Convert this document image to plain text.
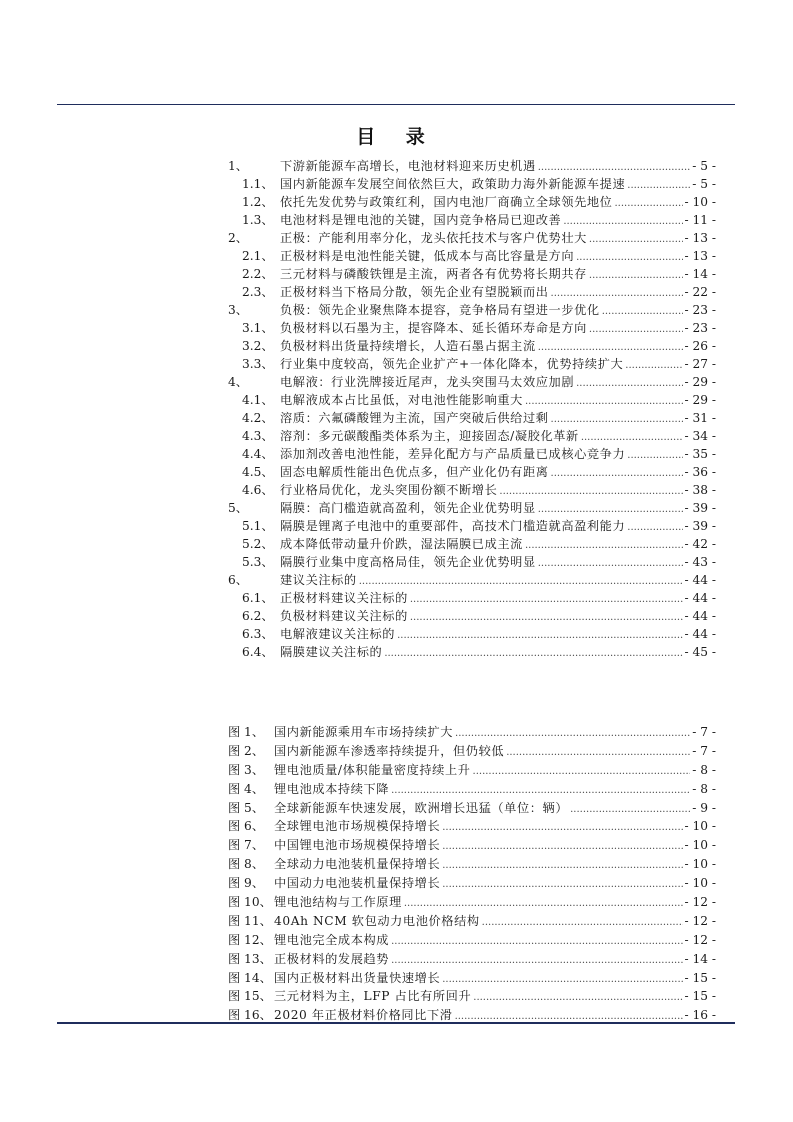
目 录
1、	下游新能源车高增长，电池材料迎来历史机遇 .....	- 5 -
1.1、 国内新能源车发展空间依然巨大，政策助力海外新能源车提速 .....	- 5 -
1.2、 依托先发优势与政策红利，国内电池厂商确立全球领先地位 .....	- 10 -
1.3、 电池材料是锂电池的关键，国内竞争格局已迎改善 .....	- 11 -
2、	正极：产能利用率分化，龙头依托技术与客户优势壮大 .....	- 13 -
2.1、 正极材料是电池性能关键，低成本与高比容量是方向 .....	- 13 -
2.2、 三元材料与磷酸铁锂是主流，两者各有优势将长期共存 .....	- 14 -
2.3、 正极材料当下格局分散，领先企业有望脱颖而出 .....	- 22 -
3、	负极：领先企业聚焦降本提容，竞争格局有望进一步优化 .....	- 23 -
3.1、 负极材料以石墨为主，提容降本、延长循环寿命是方向 .....	- 23 -
3.2、 负极材料出货量持续增长，人造石墨占据主流 .....	- 26 -
3.3、 行业集中度较高，领先企业扩产+一体化降本，优势持续扩大 .....	- 27 -
4、	电解液：行业洗牌接近尾声，龙头突围马太效应加剧 .....	- 29 -
4.1、 电解液成本占比虽低，对电池性能影响重大 .....	- 29 -
4.2、 溶质：六氟磷酸锂为主流，国产突破后供给过剩 .....	- 31 -
4.3、 溶剂：多元碳酸酯类体系为主，迎接固态/凝胶化革新 .....	- 34 -
4.4、 添加剂改善电池性能，差异化配方与产品质量已成核心竞争力 .....	- 35 -
4.5、 固态电解质性能出色优点多，但产业化仍有距离 .....	- 36 -
4.6、 行业格局优化，龙头突围份额不断增长 .....	- 38 -
5、	隔膜：高门槛造就高盈利，领先企业优势明显 .....	- 39 -
5.1、 隔膜是锂离子电池中的重要部件，高技术门槛造就高盈利能力 .....	- 39 -
5.2、 成本降低带动量升价跌，湿法隔膜已成主流 .....	- 42 -
5.3、 隔膜行业集中度高格局佳，领先企业优势明显 .....	- 43 -
6、	建议关注标的 .....	- 44 -
6.1、 正极材料建议关注标的 .....	- 44 -
6.2、 负极材料建议关注标的 .....	- 44 -
6.3、 电解液建议关注标的 .....	- 44 -
6.4、 隔膜建议关注标的 .....	- 45 -
图 1、 国内新能源乘用车市场持续扩大 .....	- 7 -
图 2、 国内新能源车渗透率持续提升，但仍较低 .....	- 7 -
图 3、 锂电池质量/体积能量密度持续上升 .....	- 8 -
图 4、 锂电池成本持续下降 .....	- 8 -
图 5、 全球新能源车快速发展，欧洲增长迅猛（单位：辆） .....	- 9 -
图 6、 全球锂电池市场规模保持增长 .....	- 10 -
图 7、 中国锂电池市场规模保持增长 .....	- 10 -
图 8、 全球动力电池装机量保持增长 .....	- 10 -
图 9、 中国动力电池装机量保持增长 .....	- 10 -
图 10、 锂电池结构与工作原理 .....	- 12 -
图 11、 40Ah NCM 软包动力电池价格结构 .....	- 12 -
图 12、 锂电池完全成本构成 .....	- 12 -
图 13、 正极材料的发展趋势 .....	- 14 -
图 14、 国内正极材料出货量快速增长 .....	- 15 -
图 15、 三元材料为主，LFP 占比有所回升 .....	- 15 -
图 16、 2020 年正极材料价格同比下滑 .....	- 16 -
